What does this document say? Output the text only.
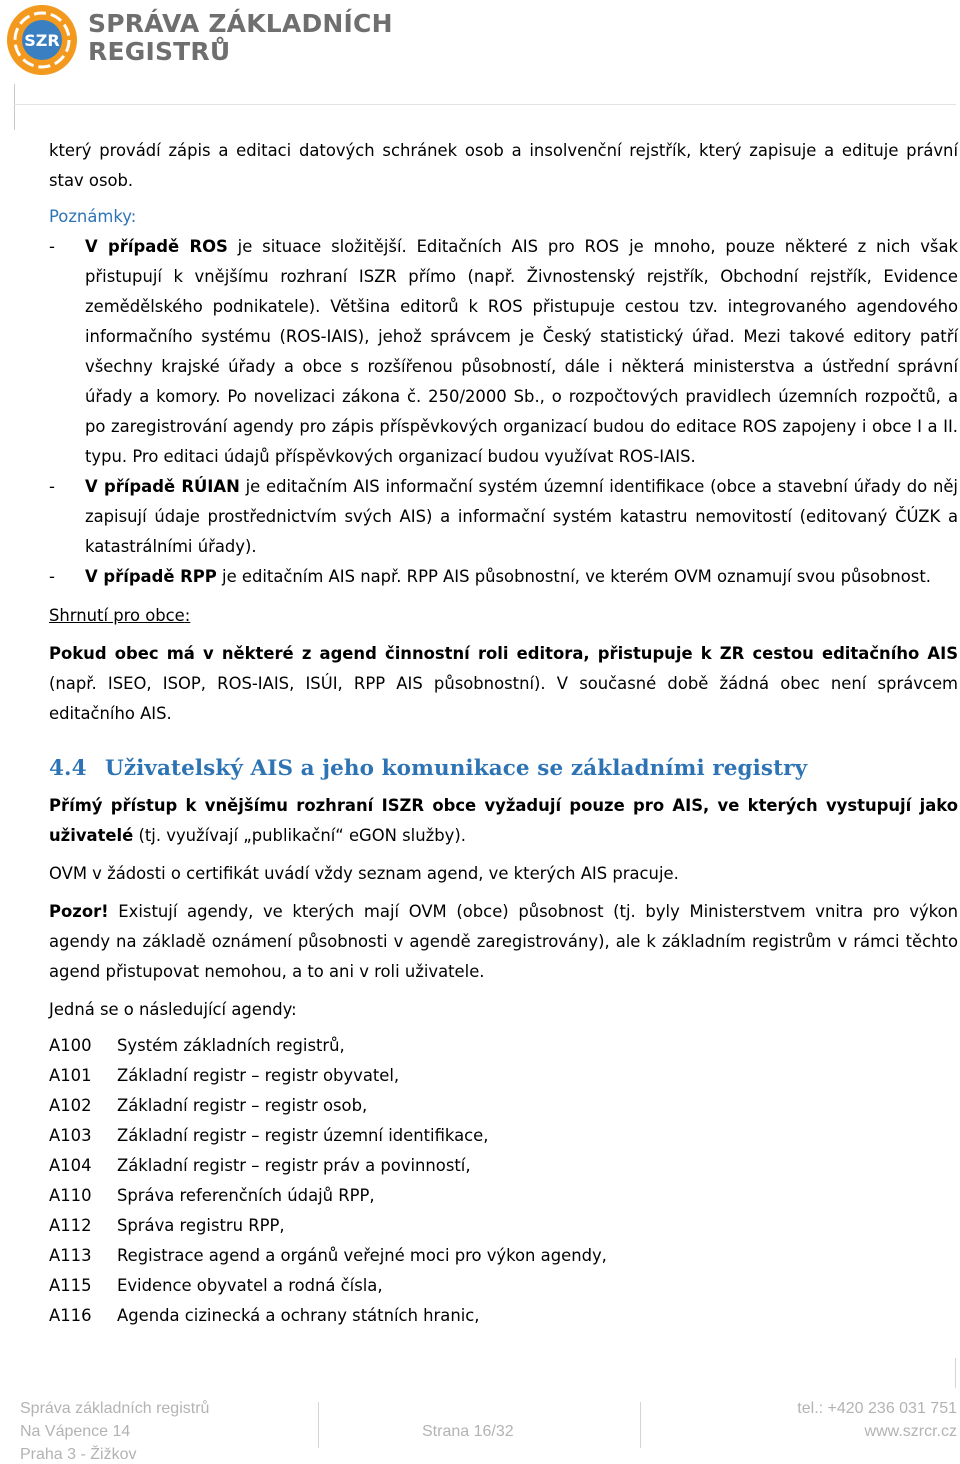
SZR
SPRÁVA ZÁKLADNÍCH
REGISTRŮ

který provádí zápis a editaci datových schránek osob a insolvenční rejstřík, který zapisuje a edituje právní stav osob.

Poznámky:

- V případě ROS je situace složitější. Editačních AIS pro ROS je mnoho, pouze některé z nich však přistupují k vnějšímu rozhraní ISZR přímo (např. Živnostenský rejstřík, Obchodní rejstřík, Evidence zemědělského podnikatele). Většina editorů k ROS přistupuje cestou tzv. integrovaného agendového informačního systému (ROS-IAIS), jehož správcem je Český statistický úřad. Mezi takové editory patří všechny krajské úřady a obce s rozšířenou působností, dále i některá ministerstva a ústřední správní úřady a komory. Po novelizaci zákona č. 250/2000 Sb., o rozpočtových pravidlech územních rozpočtů, a po zaregistrování agendy pro zápis příspěvkových organizací budou do editace ROS zapojeny i obce I a II. typu. Pro editaci údajů příspěvkových organizací budou využívat ROS-IAIS.
- V případě RÚIAN je editačním AIS informační systém územní identifikace (obce a stavební úřady do něj zapisují údaje prostřednictvím svých AIS) a informační systém katastru nemovitostí (editovaný ČÚZK a katastrálními úřady).
- V případě RPP je editačním AIS např. RPP AIS působnostní, ve kterém OVM oznamují svou působnost.

Shrnutí pro obce:

Pokud obec má v některé z agend činnostní roli editora, přistupuje k ZR cestou editačního AIS (např. ISEO, ISOP, ROS-IAIS, ISÚI, RPP AIS působnostní). V současné době žádná obec není správcem editačního AIS.

4.4 Uživatelský AIS a jeho komunikace se základními registry

Přímý přístup k vnějšímu rozhraní ISZR obce vyžadují pouze pro AIS, ve kterých vystupují jako uživatelé (tj. využívají „publikační“ eGON služby).

OVM v žádosti o certifikát uvádí vždy seznam agend, ve kterých AIS pracuje.

Pozor! Existují agendy, ve kterých mají OVM (obce) působnost (tj. byly Ministerstvem vnitra pro výkon agendy na základě oznámení působnosti v agendě zaregistrovány), ale k základním registrům v rámci těchto agend přistupovat nemohou, a to ani v roli uživatele.

Jedná se o následující agendy:

A100	Systém základních registrů,
A101	Základní registr – registr obyvatel,
A102	Základní registr – registr osob,
A103	Základní registr – registr územní identifikace,
A104	Základní registr – registr práv a povinností,
A110	Správa referenčních údajů RPP,
A112	Správa registru RPP,
A113	Registrace agend a orgánů veřejné moci pro výkon agendy,
A115	Evidence obyvatel a rodná čísla,
A116	Agenda cizinecká a ochrany státních hranic,
Správa základních registrů
Na Vápence 14
Praha 3 - Žižkov
Strana 16/32
tel.: +420 236 031 751
www.szrcr.cz
